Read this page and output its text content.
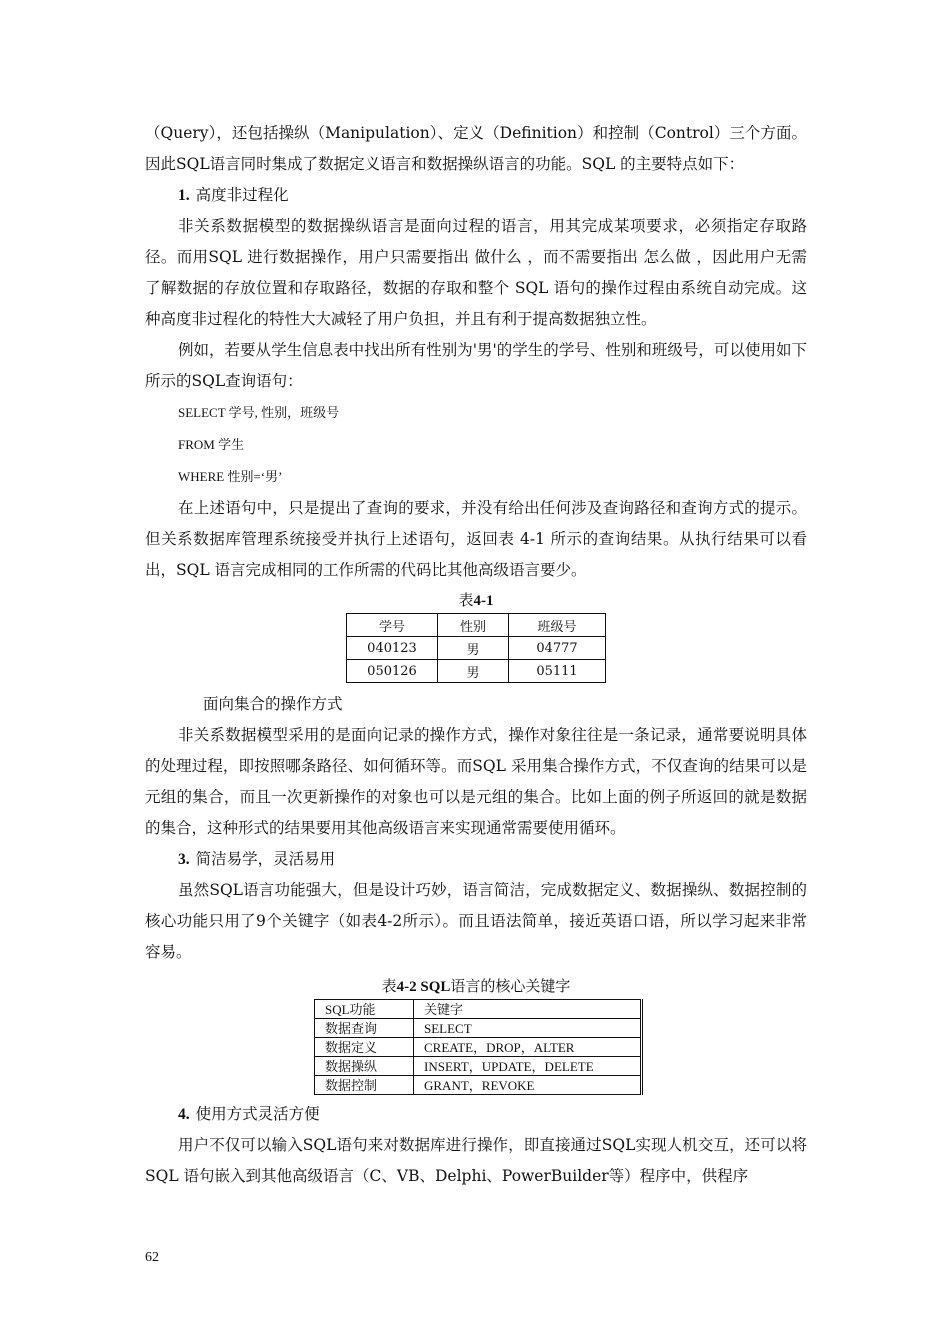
（Query），还包括操纵（Manipulation）、定义（Definition）和控制（Control）三个方面。因此SQL语言同时集成了数据定义语言和数据操纵语言的功能。SQL 的主要特点如下：

1. 高度非过程化

非关系数据模型的数据操纵语言是面向过程的语言，用其完成某项要求，必须指定存取路径。而用SQL 进行数据操作，用户只需要指出 做什么 ，而不需要指出 怎么做 ，因此用户无需了解数据的存放位置和存取路径，数据的存取和整个 SQL 语句的操作过程由系统自动完成。这种高度非过程化的特性大大减轻了用户负担，并且有利于提高数据独立性。

例如，若要从学生信息表中找出所有性别为'男'的学生的学号、性别和班级号，可以使用如下所示的SQL查询语句：

SELECT 学号, 性别，班级号

FROM 学生

WHERE 性别=‘男’

在上述语句中，只是提出了查询的要求，并没有给出任何涉及查询路径和查询方式的提示。但关系数据库管理系统接受并执行上述语句，返回表 4-1 所示的查询结果。从执行结果可以看出，SQL 语言完成相同的工作所需的代码比其他高级语言要少。

表4-1

学号	性别	班级号
040123	男	04777
050126	男	05111

面向集合的操作方式

非关系数据模型采用的是面向记录的操作方式，操作对象往往是一条记录，通常要说明具体的处理过程，即按照哪条路径、如何循环等。而SQL 采用集合操作方式，不仅查询的结果可以是元组的集合，而且一次更新操作的对象也可以是元组的集合。比如上面的例子所返回的就是数据的集合，这种形式的结果要用其他高级语言来实现通常需要使用循环。

3. 简洁易学，灵活易用

虽然SQL语言功能强大，但是设计巧妙，语言简洁，完成数据定义、数据操纵、数据控制的核心功能只用了9个关键字（如表4-2所示）。而且语法简单，接近英语口语，所以学习起来非常容易。

表4-2 SQL语言的核心关键字

SQL功能	关键字
数据查询	SELECT
数据定义	CREATE，DROP，ALTER
数据操纵	INSERT，UPDATE，DELETE
数据控制	GRANT，REVOKE

4. 使用方式灵活方便

用户不仅可以输入SQL语句来对数据库进行操作，即直接通过SQL实现人机交互，还可以将 SQL 语句嵌入到其他高级语言（C、VB、Delphi、PowerBuilder等）程序中，供程序

62
